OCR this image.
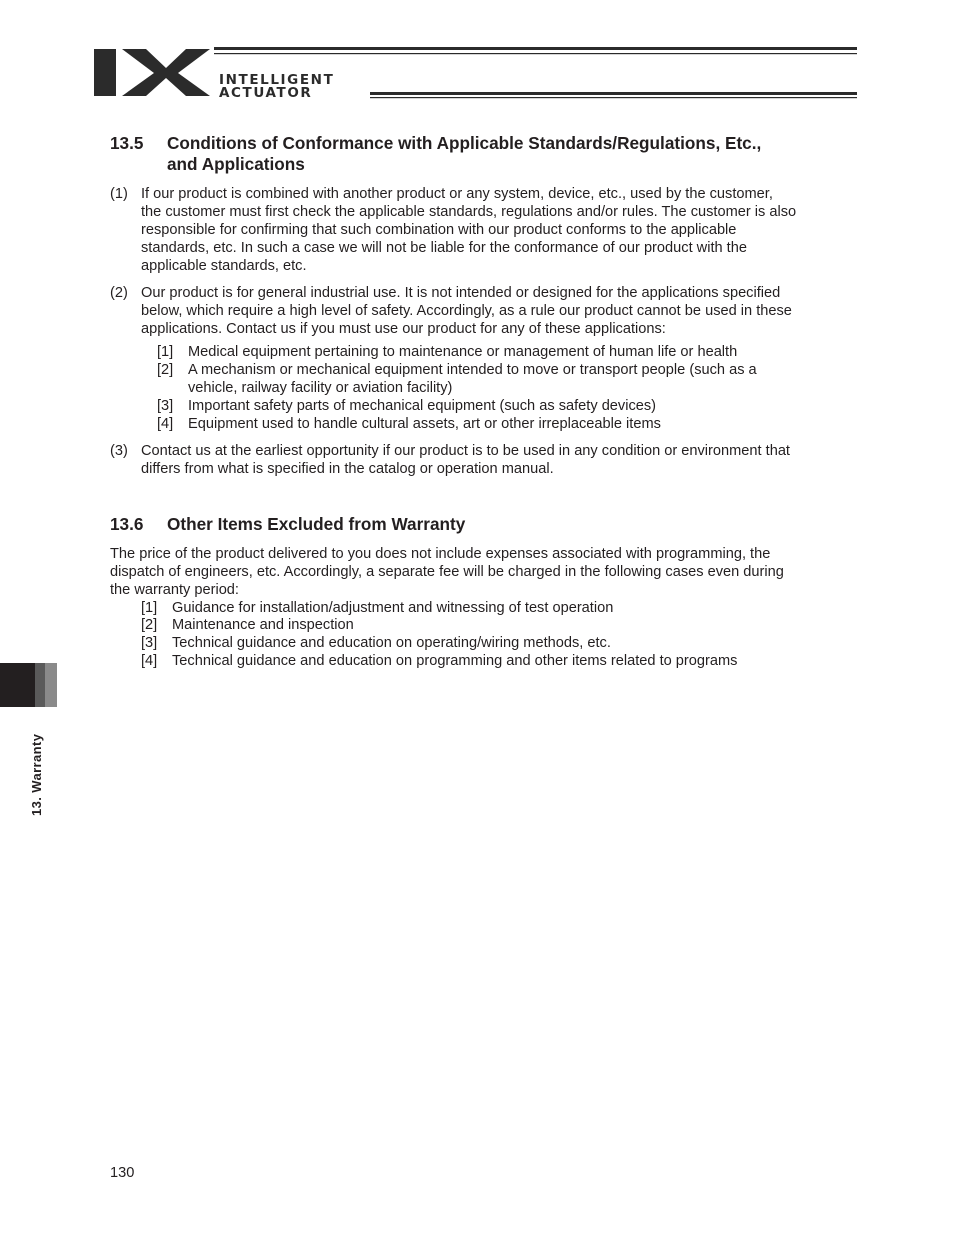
INTELLIGENT
ACTUATOR
13.5 Conditions of Conformance with Applicable Standards/Regulations, Etc.,
and Applications
(1) If our product is combined with another product or any system, device, etc., used by the customer,
the customer must first check the applicable standards, regulations and/or rules. The customer is also
responsible for confirming that such combination with our product conforms to the applicable
standards, etc. In such a case we will not be liable for the conformance of our product with the
applicable standards, etc.
(2) Our product is for general industrial use. It is not intended or designed for the applications specified
below, which require a high level of safety. Accordingly, as a rule our product cannot be used in these
applications. Contact us if you must use our product for any of these applications:
[1] Medical equipment pertaining to maintenance or management of human life or health
[2] A mechanism or mechanical equipment intended to move or transport people (such as a
vehicle, railway facility or aviation facility)
[3] Important safety parts of mechanical equipment (such as safety devices)
[4] Equipment used to handle cultural assets, art or other irreplaceable items
(3) Contact us at the earliest opportunity if our product is to be used in any condition or environment that
differs from what is specified in the catalog or operation manual.
13.6 Other Items Excluded from Warranty
The price of the product delivered to you does not include expenses associated with programming, the
dispatch of engineers, etc. Accordingly, a separate fee will be charged in the following cases even during
the warranty period:
[1] Guidance for installation/adjustment and witnessing of test operation
[2] Maintenance and inspection
[3] Technical guidance and education on operating/wiring methods, etc.
[4] Technical guidance and education on programming and other items related to programs
13. Warranty
130
